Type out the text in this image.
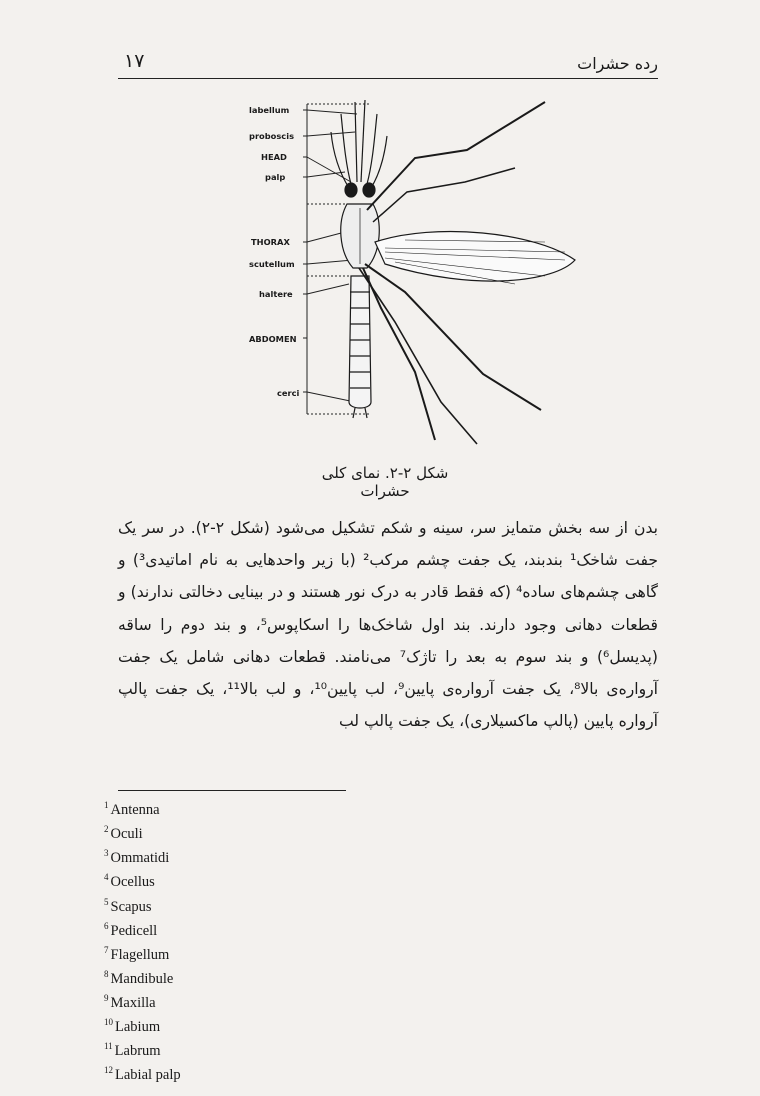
۱۷	رده حشرات
labellum
proboscis
HEAD
palp
THORAX
scutellum
haltere
ABDOMEN
cerci
شکل ۲-۲. نمای کلی حشرات
بدن از سه بخش متمایز سر، سینه و شکم تشکیل می‌شود (شکل ۲-۲). در سر یک جفت شاخک¹ بندبند، یک جفت چشم مرکب² (با زیر واحدهایی به نام اماتیدی³) و گاهی چشم‌های ساده⁴ (که فقط قادر به درک نور هستند و در بینایی دخالتی ندارند) و قطعات دهانی وجود دارند. بند اول شاخک‌ها را اسکاپوس⁵، و بند دوم را ساقه (پدیسل⁶) و بند سوم به بعد را تاژک⁷ می‌نامند. قطعات دهانی شامل یک جفت آرواره‌ی بالا⁸، یک جفت آرواره‌ی پایین⁹، لب پایین¹⁰، و لب بالا¹¹، یک جفت پالپ آرواره پایین (پالپ ماکسیلاری)، یک جفت پالپ لب
$^1$ Antenna
$^2$ Oculi
$^3$ Ommatidi
$^4$ Ocellus
$^5$ Scapus
$^6$ Pedicell
$^7$ Flagellum
$^8$ Mandibule
$^9$ Maxilla
$^{10}$ Labium
$^{11}$ Labrum
$^{12}$ Labial palp
